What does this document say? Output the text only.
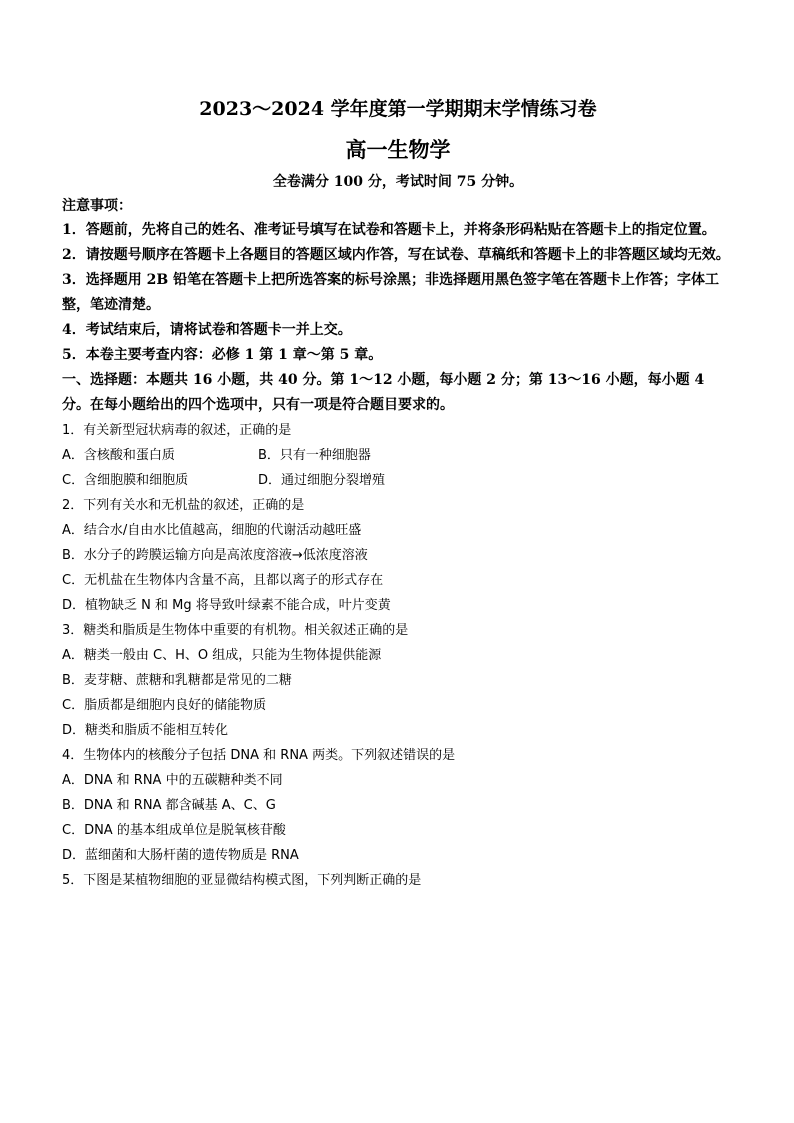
2023～2024 学年度第一学期期末学情练习卷
高一生物学
全卷满分 100 分，考试时间 75 分钟。
注意事项：

1．答题前，先将自己的姓名、准考证号填写在试卷和答题卡上，并将条形码粘贴在答题卡上的指定位置。

2．请按题号顺序在答题卡上各题目的答题区域内作答，写在试卷、草稿纸和答题卡上的非答题区域均无效。

3．选择题用 2B 铅笔在答题卡上把所选答案的标号涂黑；非选择题用黑色签字笔在答题卡上作答；字体工整，笔迹清楚。

4．考试结束后，请将试卷和答题卡一并上交。

5．本卷主要考查内容：必修 1 第 1 章～第 5 章。

一、选择题：本题共 16 小题，共 40 分。第 1～12 小题，每小题 2 分；第 13～16 小题，每小题 4 分。在每小题给出的四个选项中，只有一项是符合题目要求的。

1．有关新型冠状病毒的叙述，正确的是
A．含核酸和蛋白质	B．只有一种细胞器
C．含细胞膜和细胞质	D．通过细胞分裂增殖
2．下列有关水和无机盐的叙述，正确的是
A．结合水/自由水比值越高，细胞的代谢活动越旺盛
B．水分子的跨膜运输方向是高浓度溶液→低浓度溶液
C．无机盐在生物体内含量不高，且都以离子的形式存在
D．植物缺乏 N 和 Mg 将导致叶绿素不能合成，叶片变黄
3．糖类和脂质是生物体中重要的有机物。相关叙述正确的是
A．糖类一般由 C、H、O 组成，只能为生物体提供能源
B．麦芽糖、蔗糖和乳糖都是常见的二糖
C．脂质都是细胞内良好的储能物质
D．糖类和脂质不能相互转化
4．生物体内的核酸分子包括 DNA 和 RNA 两类。下列叙述错误的是
A．DNA 和 RNA 中的五碳糖种类不同
B．DNA 和 RNA 都含碱基 A、C、G
C．DNA 的基本组成单位是脱氧核苷酸
D．蓝细菌和大肠杆菌的遗传物质是 RNA
5．下图是某植物细胞的亚显微结构模式图，下列判断正确的是
